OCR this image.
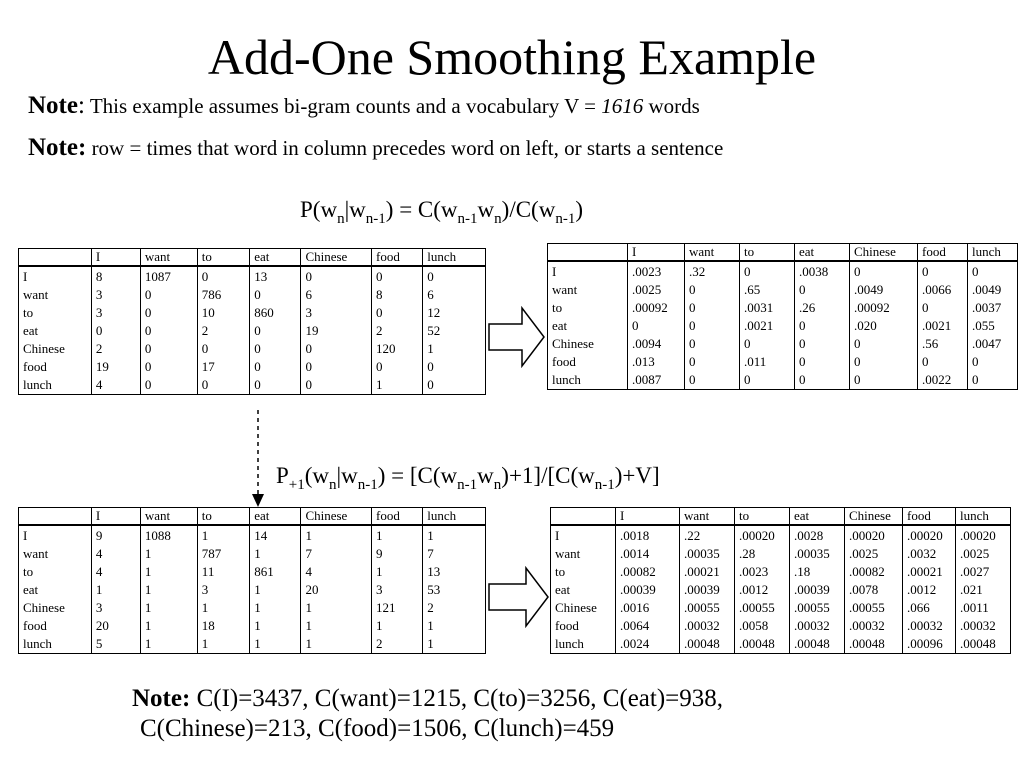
Add-One Smoothing Example
Note: This example assumes bi-gram counts and a vocabulary V = 1616 words
Note: row = times that word in column precedes word on left, or starts a sentence
$P(w_n|w_{n-1}) = C(w_{n-1}w_n)/C(w_{n-1})$
$P_{+1}(w_n|w_{n-1}) = [C(w_{n-1}w_n)+1]/[C(w_{n-1})+V]$
	I	want	to	eat	Chinese	food	lunch
I	8	1087	0	13	0	0	0
want	3	0	786	0	6	8	6
to	3	0	10	860	3	0	12
eat	0	0	2	0	19	2	52
Chinese	2	0	0	0	0	120	1
food	19	0	17	0	0	0	0
lunch	4	0	0	0	0	1	0
	I	want	to	eat	Chinese	food	lunch
I	.0023	.32	0	.0038	0	0	0
want	.0025	0	.65	0	.0049	.0066	.0049
to	.00092	0	.0031	.26	.00092	0	.0037
eat	0	0	.0021	0	.020	.0021	.055
Chinese	.0094	0	0	0	0	.56	.0047
food	.013	0	.011	0	0	0	0
lunch	.0087	0	0	0	0	.0022	0
	I	want	to	eat	Chinese	food	lunch
I	9	1088	1	14	1	1	1
want	4	1	787	1	7	9	7
to	4	1	11	861	4	1	13
eat	1	1	3	1	20	3	53
Chinese	3	1	1	1	1	121	2
food	20	1	18	1	1	1	1
lunch	5	1	1	1	1	2	1
	I	want	to	eat	Chinese	food	lunch
I	.0018	.22	.00020	.0028	.00020	.00020	.00020
want	.0014	.00035	.28	.00035	.0025	.0032	.0025
to	.00082	.00021	.0023	.18	.00082	.00021	.0027
eat	.00039	.00039	.0012	.00039	.0078	.0012	.021
Chinese	.0016	.00055	.00055	.00055	.00055	.066	.0011
food	.0064	.00032	.0058	.00032	.00032	.00032	.00032
lunch	.0024	.00048	.00048	.00048	.00048	.00096	.00048
Note: C(I)=3437, C(want)=1215, C(to)=3256, C(eat)=938,
C(Chinese)=213, C(food)=1506, C(lunch)=459
